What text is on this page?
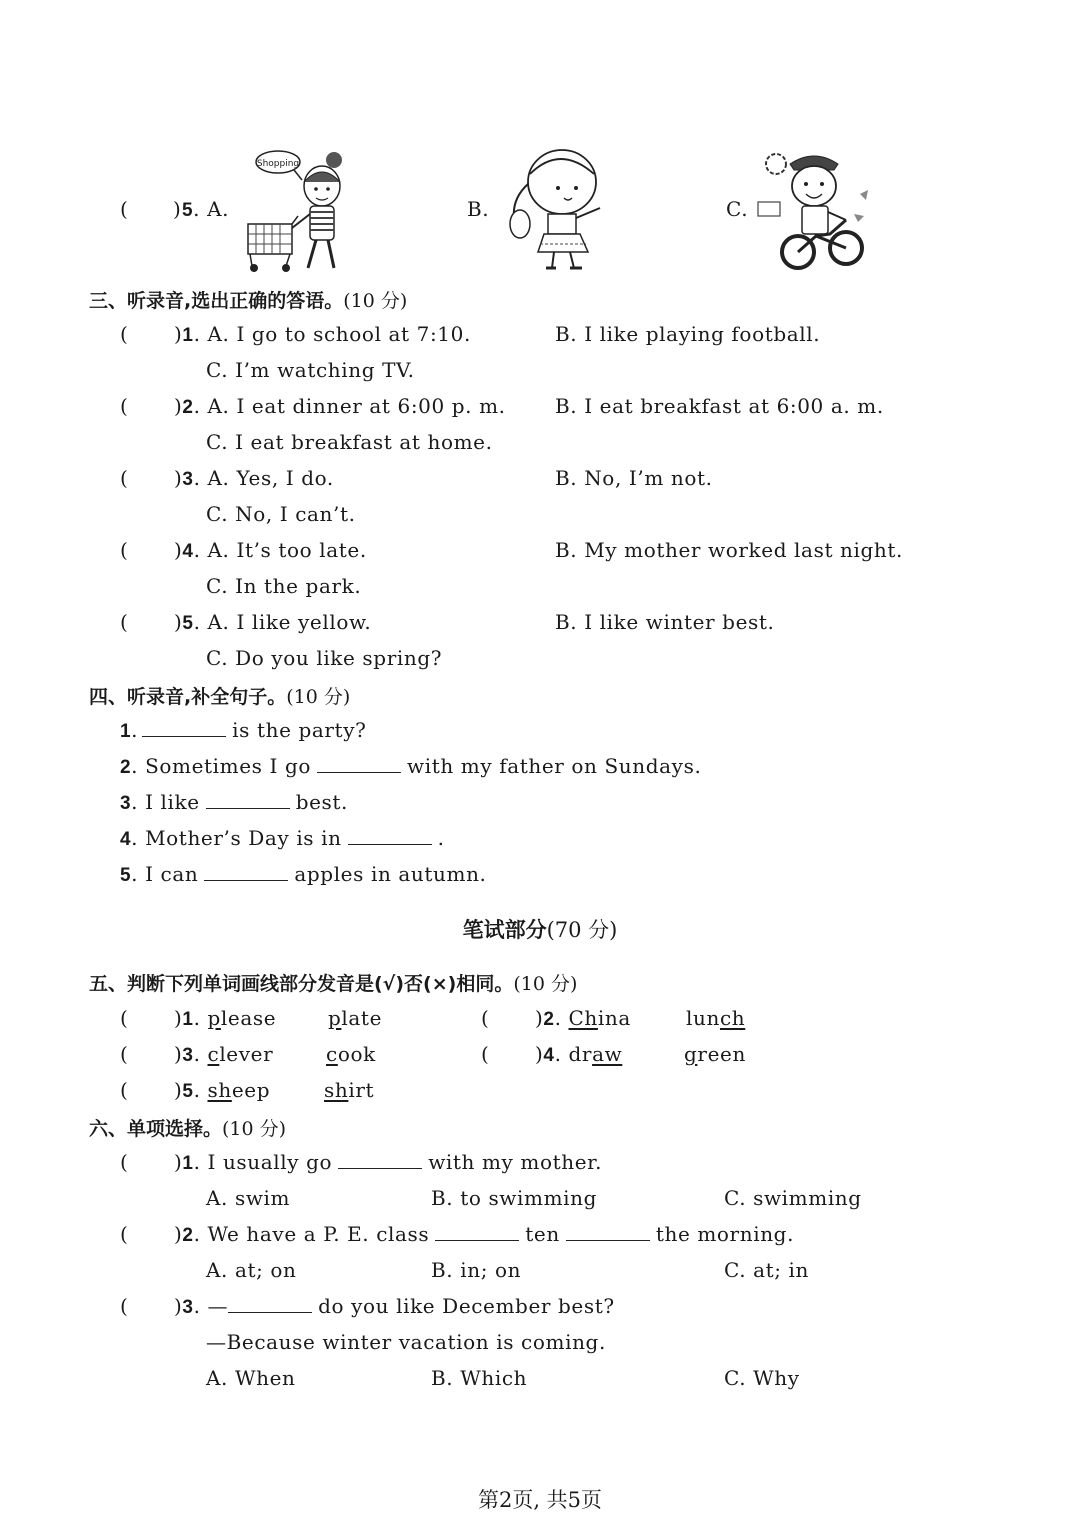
( ) 5. A.
Shopping
B.	C.
三、听录音,选出正确的答语。(10 分)
( )1. A. I go to school at 7:10.	B. I like playing football.
C. I’m watching TV.
( )2. A. I eat dinner at 6:00 p. m. B. I eat breakfast at 6:00 a. m.
C. I eat breakfast at home.
( )3. A. Yes, I do.	B. No, I’m not.
C. No, I can’t.
( )4. A. It’s too late.	B. My mother worked last night.
C. In the park.
( )5. A. I like yellow.	B. I like winter best.
C. Do you like spring?
四、听录音,补全句子。(10 分)
1.	is the party?
2. Sometimes I go	with my father on Sundays.
3. I like	best.
4. Mother’s Day is in	.
5. I can	apples in autumn.
笔试部分(70 分)
五、判断下列单词画线部分发音是(√)否(×)相同。(10 分)
( )1. please	plate	( )2. China	lunch
( )3. clever	cook	( )4. draw	green
( )5. sheep	shirt
六、单项选择。(10 分)
( )1. I usually go	with my mother.
A. swim	B. to swimming	C. swimming
( )2. We have a P. E. class	ten	the morning.
A. at; on	B. in; on	C. at; in
( )3. —	do you like December best?
—Because winter vacation is coming.
A. When	B. Which	C. Why
第2页, 共5页
